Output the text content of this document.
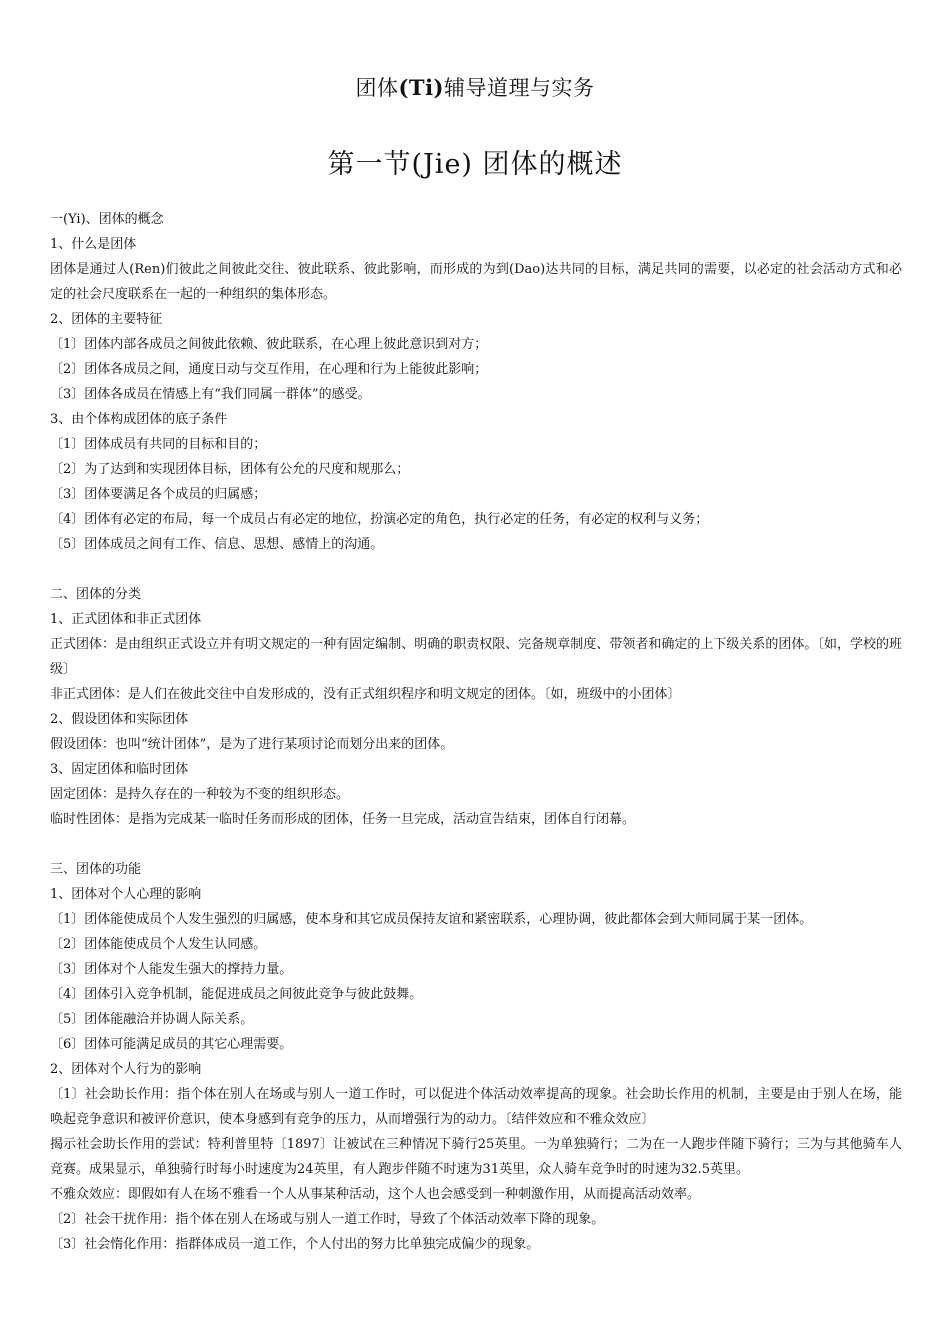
团体(Ti)辅导道理与实务
第一节(Jie) 团体的概述

一(Yi)、团体的概念

1、什么是团体

团体是通过人(Ren)们彼此之间彼此交往、彼此联系、彼此影响，而形成的为到(Dao)达共同的目标，满足共同的需要，以必定的社会活动方式和必定的社会尺度联系在一起的一种组织的集体形态。

2、团体的主要特征

〔1〕团体内部各成员之间彼此依赖、彼此联系，在心理上彼此意识到对方；

〔2〕团体各成员之间，通度日动与交互作用，在心理和行为上能彼此影响；

〔3〕团体各成员在情感上有“我们同属一群体”的感受。

3、由个体构成团体的底子条件

〔1〕团体成员有共同的目标和目的；

〔2〕为了达到和实现团体目标，团体有公允的尺度和规那么；

〔3〕团体要满足各个成员的归属感；

〔4〕团体有必定的布局，每一个成员占有必定的地位，扮演必定的角色，执行必定的任务，有必定的权利与义务；

〔5〕团体成员之间有工作、信息、思想、感情上的沟通。

二、团体的分类

1、正式团体和非正式团体

正式团体：是由组织正式设立并有明文规定的一种有固定编制、明确的职责权限、完备规章制度、带领者和确定的上下级关系的团体。〔如，学校的班级〕

非正式团体：是人们在彼此交往中自发形成的，没有正式组织程序和明文规定的团体。〔如，班级中的小团体〕

2、假设团体和实际团体

假设团体：也叫“统计团体”，是为了进行某项讨论而划分出来的团体。

3、固定团体和临时团体

固定团体：是持久存在的一种较为不变的组织形态。

临时性团体：是指为完成某一临时任务而形成的团体，任务一旦完成，活动宣告结束，团体自行闭幕。

三、团体的功能

1、团体对个人心理的影响

〔1〕团体能使成员个人发生强烈的归属感，使本身和其它成员保持友谊和紧密联系，心理协调，彼此都体会到大师同属于某一团体。

〔2〕团体能使成员个人发生认同感。

〔3〕团体对个人能发生强大的撑持力量。

〔4〕团体引入竞争机制，能促进成员之间彼此竞争与彼此鼓舞。

〔5〕团体能融洽并协调人际关系。

〔6〕团体可能满足成员的其它心理需要。

2、团体对个人行为的影响

〔1〕社会助长作用：指个体在别人在场或与别人一道工作时，可以促进个体活动效率提高的现象。社会助长作用的机制，主要是由于别人在场，能唤起竞争意识和被评价意识，使本身感到有竞争的压力，从而增强行为的动力。〔结伴效应和不雅众效应〕

揭示社会助长作用的尝试：特利普里特〔1897〕让被试在三种情况下骑行25英里。一为单独骑行；二为在一人跑步伴随下骑行；三为与其他骑车人竞赛。成果显示，单独骑行时每小时速度为24英里，有人跑步伴随不时速为31英里，众人骑车竞争时的时速为32.5英里。

不雅众效应：即假如有人在场不雅看一个人从事某种活动，这个人也会感受到一种刺激作用，从而提高活动效率。

〔2〕社会干扰作用：指个体在别人在场或与别人一道工作时，导致了个体活动效率下降的现象。

〔3〕社会惰化作用：指群体成员一道工作，个人付出的努力比单独完成偏少的现象。
